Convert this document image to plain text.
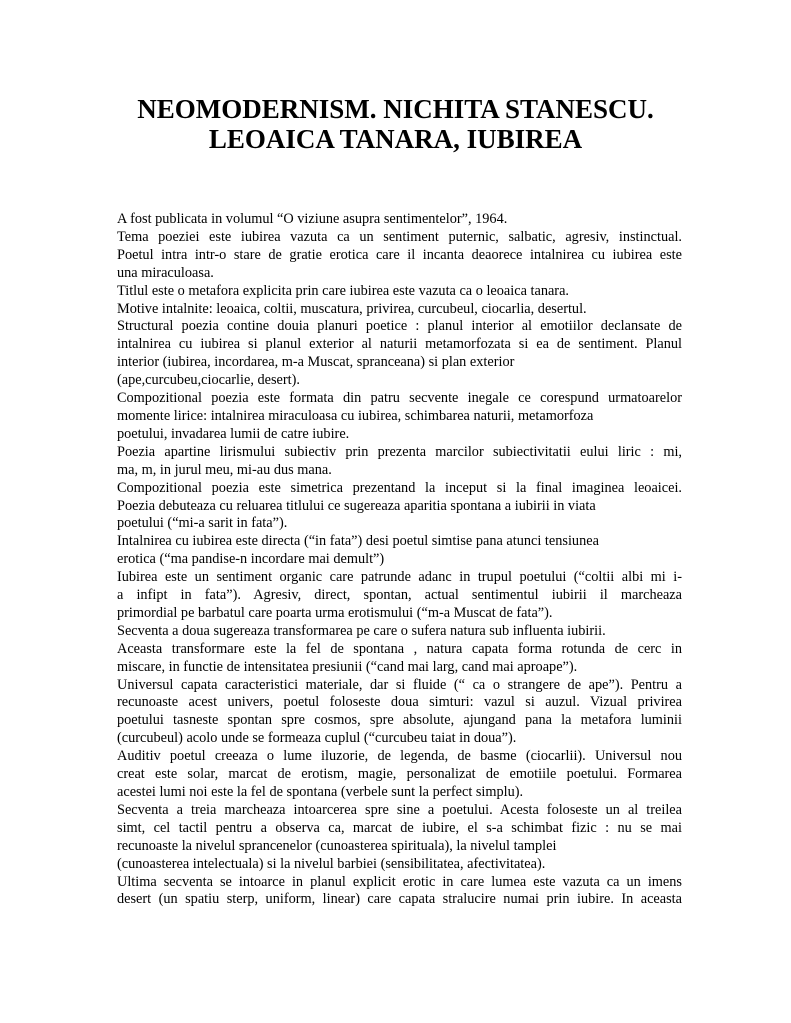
NEOMODERNISM. NICHITA STANESCU.
LEOAICA TANARA, IUBIREA
A fost publicata in volumul “O viziune asupra sentimentelor”, 1964.
Tema poeziei este iubirea vazuta ca un sentiment puternic, salbatic, agresiv, instinctual.
Poetul intra intr-o stare de gratie erotica care il incanta deaorece intalnirea cu iubirea este
una miraculoasa.
Titlul este o metafora explicita prin care iubirea este vazuta ca o leoaica tanara.
Motive intalnite: leoaica, coltii, muscatura, privirea, curcubeul, ciocarlia, desertul.
Structural poezia contine douia planuri poetice : planul interior al emotiilor declansate de
intalnirea cu iubirea si planul exterior al naturii metamorfozata si ea de sentiment. Planul
interior (iubirea, incordarea, m-a Muscat, spranceana) si plan exterior
(ape,curcubeu,ciocarlie, desert).
Compozitional poezia este formata din patru secvente inegale ce corespund urmatoarelor
momente lirice: intalnirea miraculoasa cu iubirea, schimbarea naturii, metamorfoza
poetului, invadarea lumii de catre iubire.
Poezia apartine lirismului subiectiv prin prezenta marcilor subiectivitatii eului liric : mi,
ma, m, in jurul meu, mi-au dus mana.
Compozitional poezia este simetrica prezentand la inceput si la final imaginea leoaicei.
Poezia debuteaza cu reluarea titlului ce sugereaza aparitia spontana a iubirii in viata
poetului (“mi-a sarit in fata”).
Intalnirea cu iubirea este directa (“in fata”) desi poetul simtise pana atunci tensiunea
erotica (“ma pandise-n incordare mai demult”)
Iubirea este un sentiment organic care patrunde adanc in trupul poetului (“coltii albi mi i-
a infipt in fata”). Agresiv, direct, spontan, actual sentimentul iubirii il marcheaza
primordial pe barbatul care poarta urma erotismului (“m-a Muscat de fata”).
Secventa a doua sugereaza transformarea pe care o sufera natura sub influenta iubirii.
Aceasta transformare este la fel de spontana , natura capata forma rotunda de cerc in
miscare, in functie de intensitatea presiunii (“cand mai larg, cand mai aproape”).
Universul capata caracteristici materiale, dar si fluide (“ ca o strangere de ape”). Pentru a
recunoaste acest univers, poetul foloseste doua simturi: vazul si auzul. Vizual privirea
poetului tasneste spontan spre cosmos, spre absolute, ajungand pana la metafora luminii
(curcubeul) acolo unde se formeaza cuplul (“curcubeu taiat in doua”).
Auditiv poetul creeaza o lume iluzorie, de legenda, de basme (ciocarlii). Universul nou
creat este solar, marcat de erotism, magie, personalizat de emotiile poetului. Formarea
acestei lumi noi este la fel de spontana (verbele sunt la perfect simplu).
Secventa a treia marcheaza intoarcerea spre sine a poetului. Acesta foloseste un al treilea
simt, cel tactil pentru a observa ca, marcat de iubire, el s-a schimbat fizic : nu se mai
recunoaste la nivelul sprancenelor (cunoasterea spirituala), la nivelul tamplei
(cunoasterea intelectuala) si la nivelul barbiei (sensibilitatea, afectivitatea).
Ultima secventa se intoarce in planul explicit erotic in care lumea este vazuta ca un imens
desert (un spatiu sterp, uniform, linear) care capata stralucire numai prin iubire. In aceasta
